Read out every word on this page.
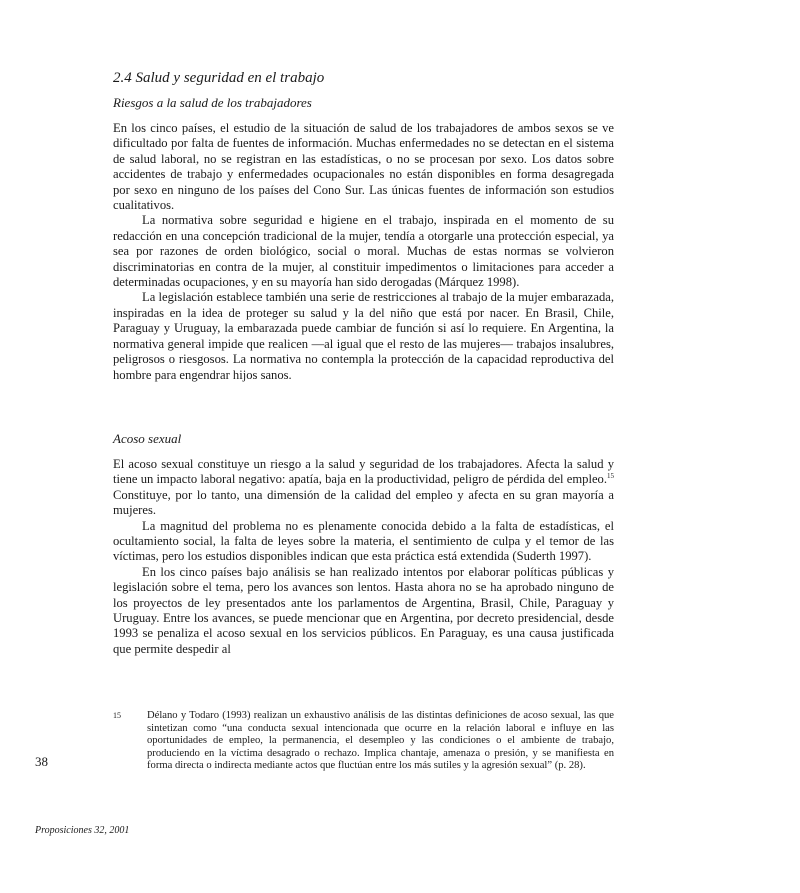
2.4 Salud y seguridad en el trabajo
Riesgos a la salud de los trabajadores

En los cinco países, el estudio de la situación de salud de los trabajadores de ambos sexos se ve dificultado por falta de fuentes de información. Muchas enfermedades no se detectan en el sistema de salud laboral, no se registran en las estadísticas, o no se procesan por sexo. Los datos sobre accidentes de trabajo y enfermedades ocupacionales no están disponibles en forma desagregada por sexo en ninguno de los países del Cono Sur. Las únicas fuentes de información son estudios cualitativos.

La normativa sobre seguridad e higiene en el trabajo, inspirada en el momento de su redacción en una concepción tradicional de la mujer, tendía a otorgarle una protección especial, ya sea por razones de orden biológico, social o moral. Muchas de estas normas se volvieron discriminatorias en contra de la mujer, al constituir impedimentos o limitaciones para acceder a determinadas ocupaciones, y en su mayoría han sido derogadas (Márquez 1998).

La legislación establece también una serie de restricciones al trabajo de la mujer embarazada, inspiradas en la idea de proteger su salud y la del niño que está por nacer. En Brasil, Chile, Paraguay y Uruguay, la embarazada puede cambiar de función si así lo requiere. En Argentina, la normativa general impide que realicen —al igual que el resto de las mujeres— trabajos insalubres, peligrosos o riesgosos. La normativa no contempla la protección de la capacidad reproductiva del hombre para engendrar hijos sanos.

Acoso sexual

El acoso sexual constituye un riesgo a la salud y seguridad de los trabajadores. Afecta la salud y tiene un impacto laboral negativo: apatía, baja en la productividad, peligro de pérdida del empleo.$^{15}$ Constituye, por lo tanto, una dimensión de la calidad del empleo y afecta en su gran mayoría a mujeres.

La magnitud del problema no es plenamente conocida debido a la falta de estadísticas, el ocultamiento social, la falta de leyes sobre la materia, el sentimiento de culpa y el temor de las víctimas, pero los estudios disponibles indican que esta práctica está extendida (Suderth 1997).

En los cinco países bajo análisis se han realizado intentos por elaborar políticas públicas y legislación sobre el tema, pero los avances son lentos. Hasta ahora no se ha aprobado ninguno de los proyectos de ley presentados ante los parlamentos de Argentina, Brasil, Chile, Paraguay y Uruguay. Entre los avances, se puede mencionar que en Argentina, por decreto presidencial, desde 1993 se penaliza el acoso sexual en los servicios públicos. En Paraguay, es una causa justificada que permite despedir al

15 Délano y Todaro (1993) realizan un exhaustivo análisis de las distintas definiciones de acoso sexual, las que sintetizan como “una conducta sexual intencionada que ocurre en la relación laboral e influye en las oportunidades de empleo, la permanencia, el desempleo y las condiciones o el ambiente de trabajo, produciendo en la víctima desagrado o rechazo. Implica chantaje, amenaza o presión, y se manifiesta en forma directa o indirecta mediante actos que fluctúan entre los más sutiles y la agresión sexual” (p. 28).
38
Proposiciones 32, 2001
